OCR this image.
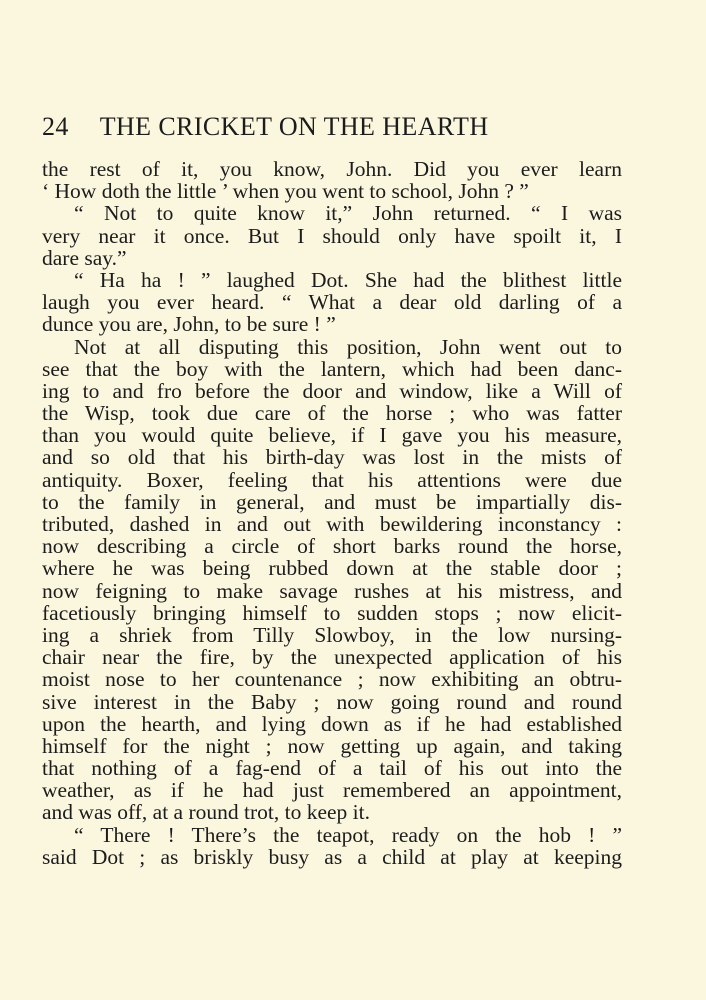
24 THE CRICKET ON THE HEARTH
the rest of it, you know, John. Did you ever learn
‘ How doth the little ’ when you went to school, John ? ”
“ Not to quite know it,” John returned. “ I was
very near it once. But I should only have spoilt it, I
dare say.”
“ Ha ha ! ” laughed Dot. She had the blithest little
laugh you ever heard. “ What a dear old darling of a
dunce you are, John, to be sure ! ”
Not at all disputing this position, John went out to
see that the boy with the lantern, which had been danc-
ing to and fro before the door and window, like a Will of
the Wisp, took due care of the horse ; who was fatter
than you would quite believe, if I gave you his measure,
and so old that his birth-day was lost in the mists of
antiquity. Boxer, feeling that his attentions were due
to the family in general, and must be impartially dis-
tributed, dashed in and out with bewildering inconstancy :
now describing a circle of short barks round the horse,
where he was being rubbed down at the stable door ;
now feigning to make savage rushes at his mistress, and
facetiously bringing himself to sudden stops ; now elicit-
ing a shriek from Tilly Slowboy, in the low nursing-
chair near the fire, by the unexpected application of his
moist nose to her countenance ; now exhibiting an obtru-
sive interest in the Baby ; now going round and round
upon the hearth, and lying down as if he had established
himself for the night ; now getting up again, and taking
that nothing of a fag-end of a tail of his out into the
weather, as if he had just remembered an appointment,
and was off, at a round trot, to keep it.
“ There ! There’s the teapot, ready on the hob ! ”
said Dot ; as briskly busy as a child at play at keeping
